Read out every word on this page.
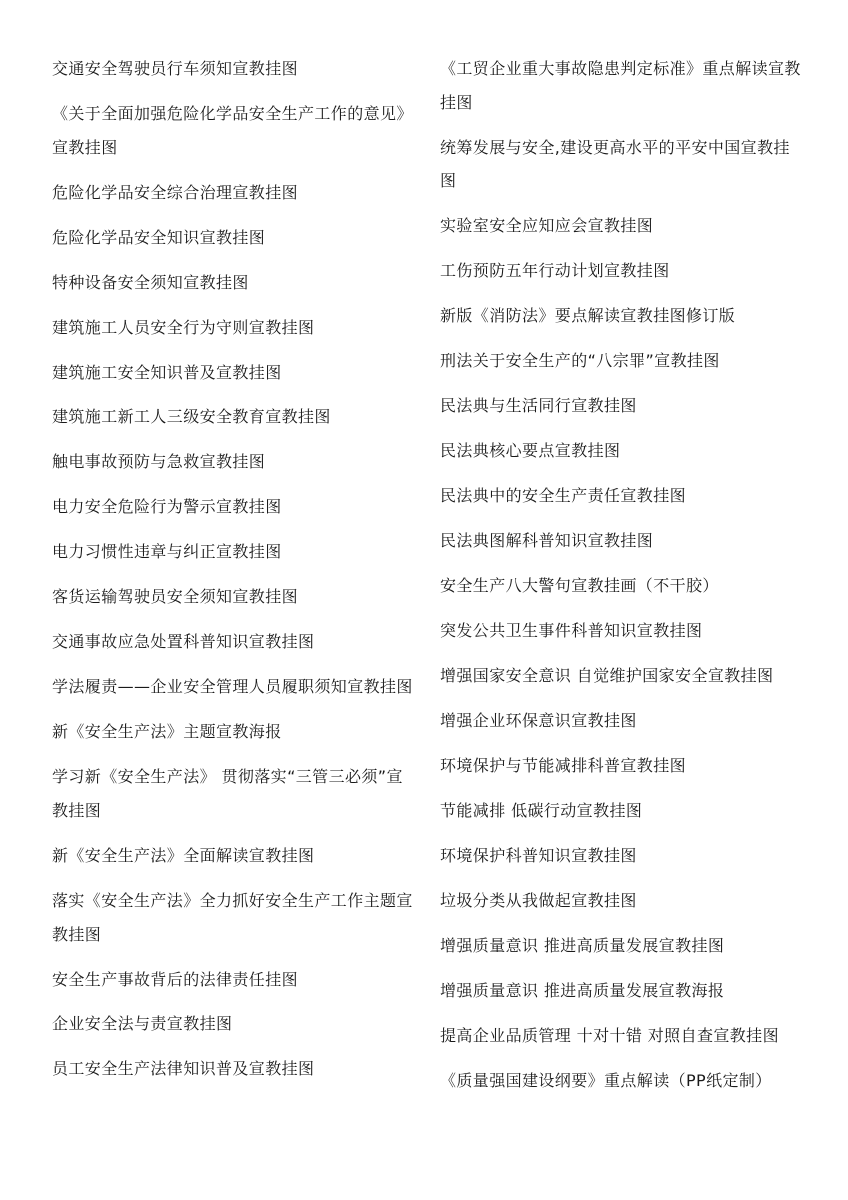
交通安全驾驶员行车须知宣教挂图
《关于全面加强危险化学品安全生产工作的意见》宣教挂图
危险化学品安全综合治理宣教挂图
危险化学品安全知识宣教挂图
特种设备安全须知宣教挂图
建筑施工人员安全行为守则宣教挂图
建筑施工安全知识普及宣教挂图
建筑施工新工人三级安全教育宣教挂图
触电事故预防与急救宣教挂图
电力安全危险行为警示宣教挂图
电力习惯性违章与纠正宣教挂图
客货运输驾驶员安全须知宣教挂图
交通事故应急处置科普知识宣教挂图
学法履责——企业安全管理人员履职须知宣教挂图
新《安全生产法》主题宣教海报
学习新《安全生产法》 贯彻落实“三管三必须”宣教挂图
新《安全生产法》全面解读宣教挂图
落实《安全生产法》全力抓好安全生产工作主题宣教挂图
安全生产事故背后的法律责任挂图
企业安全法与责宣教挂图
员工安全生产法律知识普及宣教挂图
《工贸企业重大事故隐患判定标准》重点解读宣教挂图
统筹发展与安全,建设更高水平的平安中国宣教挂图
实验室安全应知应会宣教挂图
工伤预防五年行动计划宣教挂图
新版《消防法》要点解读宣教挂图修订版
刑法关于安全生产的“八宗罪”宣教挂图
民法典与生活同行宣教挂图
民法典核心要点宣教挂图
民法典中的安全生产责任宣教挂图
民法典图解科普知识宣教挂图
安全生产八大警句宣教挂画（不干胶）
突发公共卫生事件科普知识宣教挂图
增强国家安全意识 自觉维护国家安全宣教挂图
增强企业环保意识宣教挂图
环境保护与节能减排科普宣教挂图
节能减排 低碳行动宣教挂图
环境保护科普知识宣教挂图
垃圾分类从我做起宣教挂图
增强质量意识 推进高质量发展宣教挂图
增强质量意识 推进高质量发展宣教海报
提高企业品质管理 十对十错 对照自查宣教挂图
《质量强国建设纲要》重点解读（PP纸定制）
